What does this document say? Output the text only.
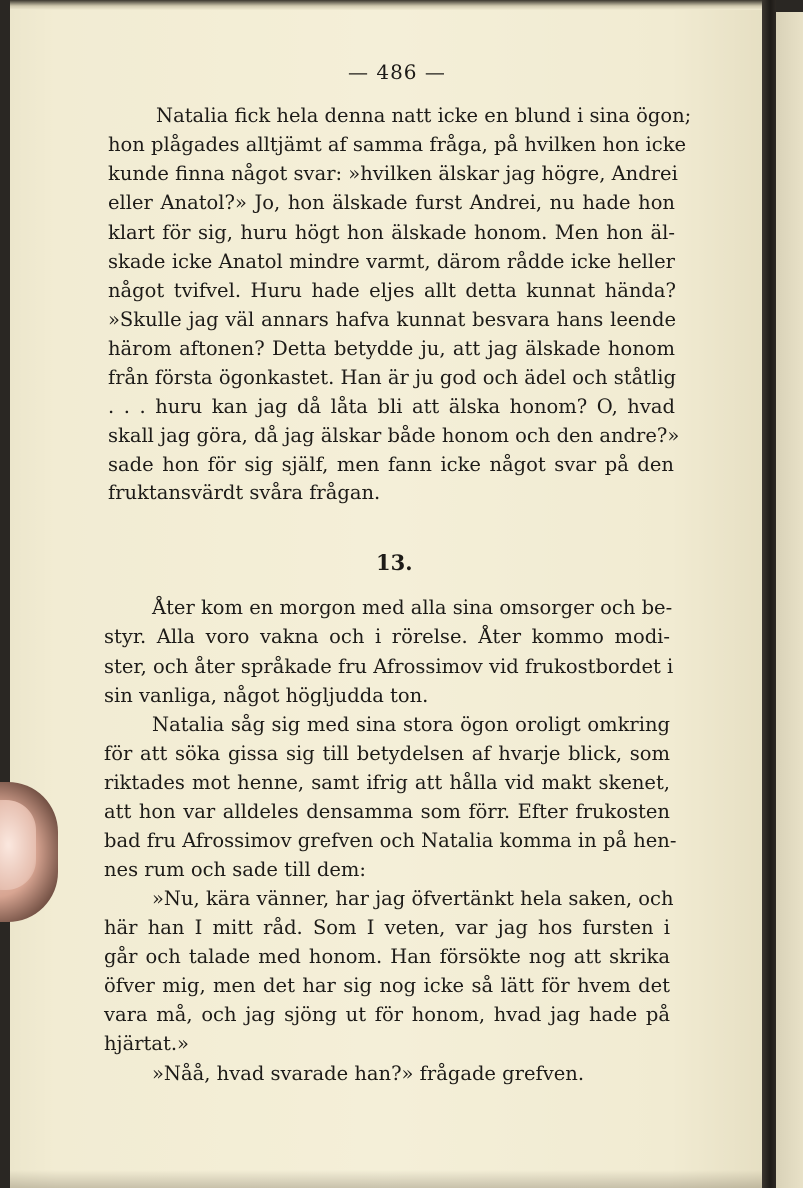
— 486 —

Natalia fick hela denna natt icke en blund i sina ögon;

hon plågades alltjämt af samma fråga, på hvilken hon icke

kunde finna något svar: »hvilken älskar jag högre, Andrei

eller Anatol?» Jo, hon älskade furst Andrei, nu hade hon

klart för sig, huru högt hon älskade honom. Men hon äl-

skade icke Anatol mindre varmt, därom rådde icke heller

något tvifvel. Huru hade eljes allt detta kunnat hända?

»Skulle jag väl annars hafva kunnat besvara hans leende

härom aftonen? Detta betydde ju, att jag älskade honom

från första ögonkastet. Han är ju god och ädel och ståtlig

. . . huru kan jag då låta bli att älska honom? O, hvad

skall jag göra, då jag älskar både honom och den andre?»

sade hon för sig själf, men fann icke något svar på den

fruktansvärdt svåra frågan.

13.

Åter kom en morgon med alla sina omsorger och be-

styr. Alla voro vakna och i rörelse. Åter kommo modi-

ster, och åter språkade fru Afrossimov vid frukostbordet i

sin vanliga, något högljudda ton.

Natalia såg sig med sina stora ögon oroligt omkring

för att söka gissa sig till betydelsen af hvarje blick, som

riktades mot henne, samt ifrig att hålla vid makt skenet,

att hon var alldeles densamma som förr. Efter frukosten

bad fru Afrossimov grefven och Natalia komma in på hen-

nes rum och sade till dem:

»Nu, kära vänner, har jag öfvertänkt hela saken, och

här han I mitt råd. Som I veten, var jag hos fursten i

går och talade med honom. Han försökte nog att skrika

öfver mig, men det har sig nog icke så lätt för hvem det

vara må, och jag sjöng ut för honom, hvad jag hade på

hjärtat.»

»Nåå, hvad svarade han?» frågade grefven.
